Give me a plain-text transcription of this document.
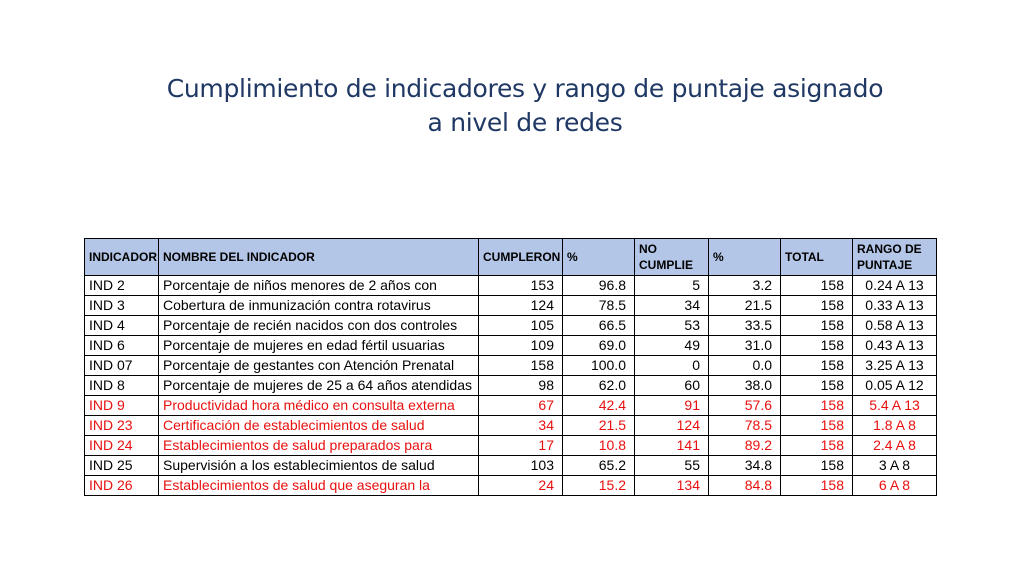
Cumplimiento de indicadores y rango de puntaje asignado
a nivel de redes
INDICADOR	NOMBRE DEL INDICADOR	CUMPLERON	%	NO CUMPLIE	%	TOTAL	RANGO DE PUNTAJE
IND 2	Porcentaje de niños menores de 2 años con	153	96.8	5	3.2	158	0.24 A 13
IND 3	Cobertura de inmunización contra rotavirus	124	78.5	34	21.5	158	0.33 A 13
IND 4	Porcentaje de recién nacidos con dos controles	105	66.5	53	33.5	158	0.58 A 13
IND 6	Porcentaje de mujeres en edad fértil usuarias	109	69.0	49	31.0	158	0.43 A 13
IND 07	Porcentaje de gestantes con Atención Prenatal	158	100.0	0	0.0	158	3.25 A 13
IND 8	Porcentaje de mujeres de 25 a 64 años atendidas	98	62.0	60	38.0	158	0.05 A 12
IND 9	Productividad hora médico en consulta externa	67	42.4	91	57.6	158	5.4 A 13
IND 23	Certificación de establecimientos de salud	34	21.5	124	78.5	158	1.8 A 8
IND 24	Establecimientos de salud preparados para	17	10.8	141	89.2	158	2.4 A 8
IND 25	Supervisión a los establecimientos de salud	103	65.2	55	34.8	158	3 A 8
IND 26	Establecimientos de salud que aseguran la	24	15.2	134	84.8	158	6 A 8
